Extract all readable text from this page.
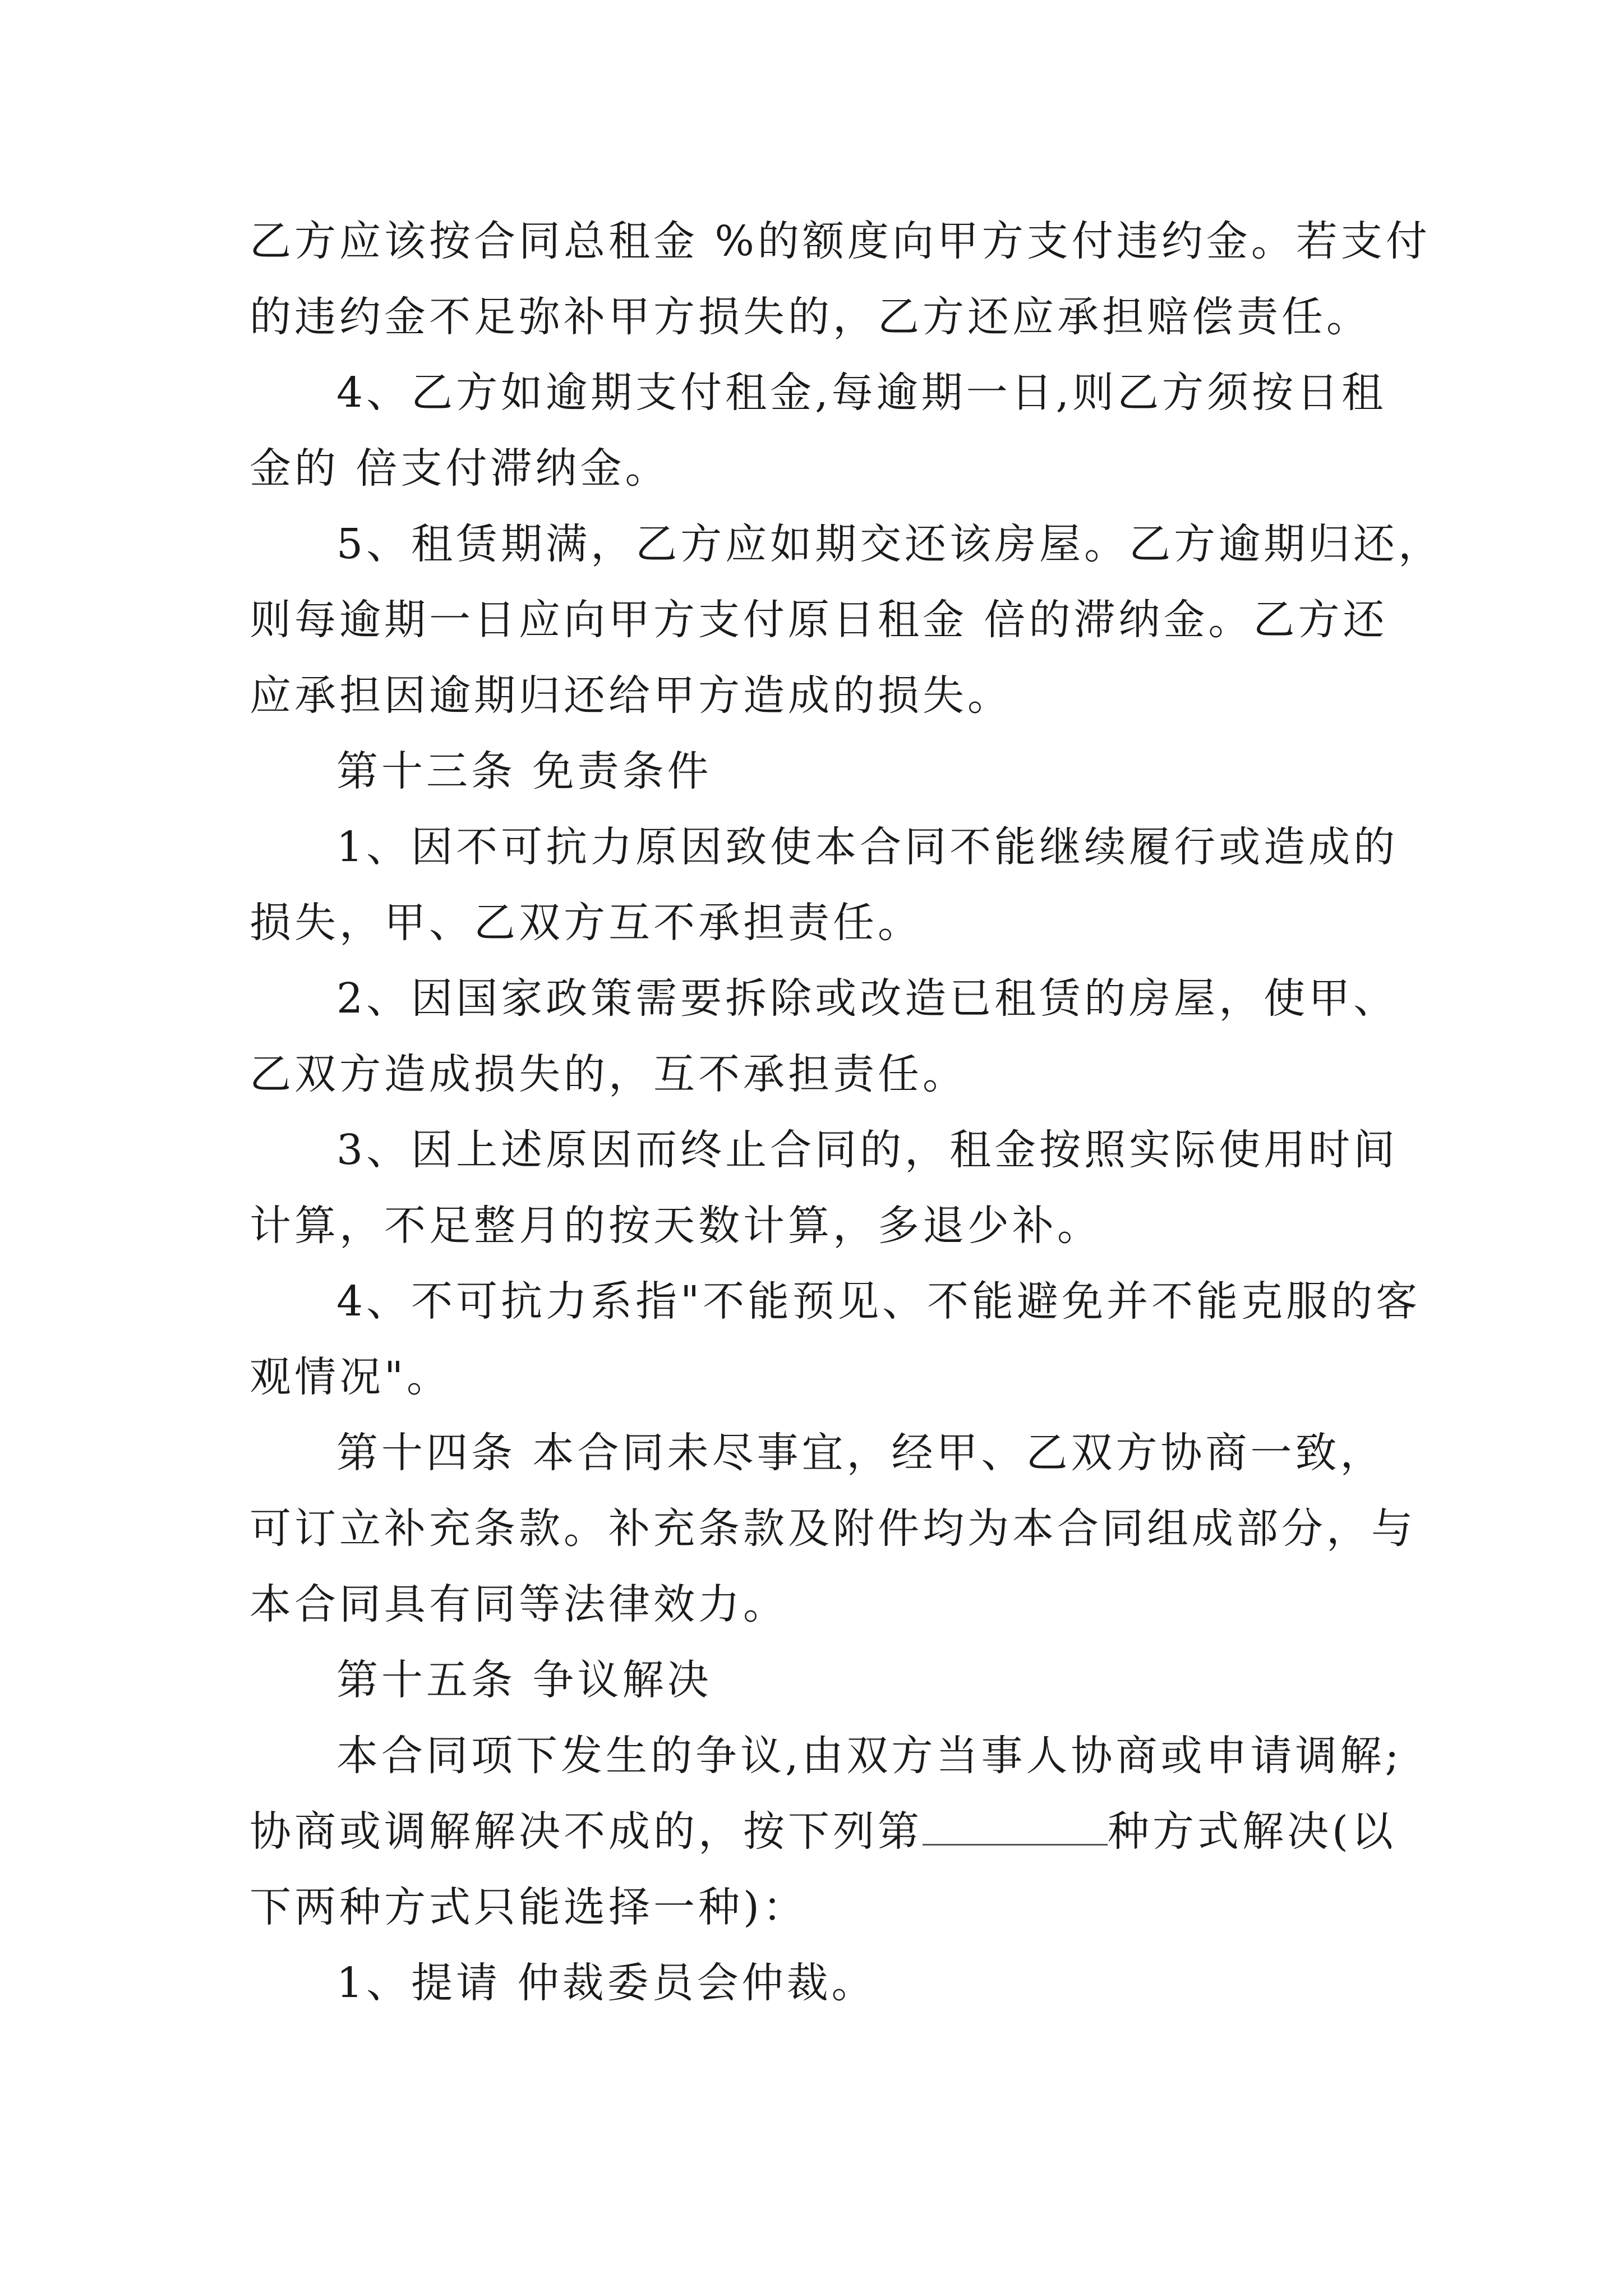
乙方应该按合同总租金 %的额度向甲方支付违约金。若支付
的违约金不足弥补甲方损失的，乙方还应承担赔偿责任。
4、乙方如逾期支付租金,每逾期一日,则乙方须按日租
金的 倍支付滞纳金。
5、租赁期满，乙方应如期交还该房屋。乙方逾期归还，
则每逾期一日应向甲方支付原日租金 倍的滞纳金。乙方还
应承担因逾期归还给甲方造成的损失。
第十三条 免责条件
1、因不可抗力原因致使本合同不能继续履行或造成的
损失，甲、乙双方互不承担责任。
2、因国家政策需要拆除或改造已租赁的房屋，使甲、
乙双方造成损失的，互不承担责任。
3、因上述原因而终止合同的，租金按照实际使用时间
计算，不足整月的按天数计算，多退少补。
4、不可抗力系指"不能预见、不能避免并不能克服的客
观情况"。
第十四条 本合同未尽事宜，经甲、乙双方协商一致，
可订立补充条款。补充条款及附件均为本合同组成部分，与
本合同具有同等法律效力。
第十五条 争议解决
本合同项下发生的争议,由双方当事人协商或申请调解;
协商或调解解决不成的，按下列第	种方式解决(以
下两种方式只能选择一种)：
1、提请 仲裁委员会仲裁。
